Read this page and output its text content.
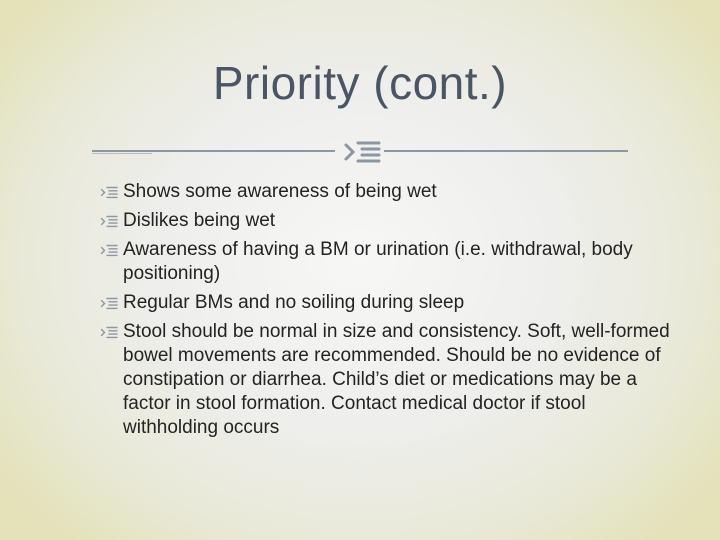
Priority (cont.)
Shows some awareness of being wet
Dislikes being wet
Awareness of having a BM or urination (i.e. withdrawal, body positioning)
Regular BMs and no soiling during sleep
Stool should be normal in size and consistency. Soft, well-formed bowel movements are recommended. Should be no evidence of constipation or diarrhea. Child’s diet or medications may be a factor in stool formation. Contact medical doctor if stool withholding occurs
